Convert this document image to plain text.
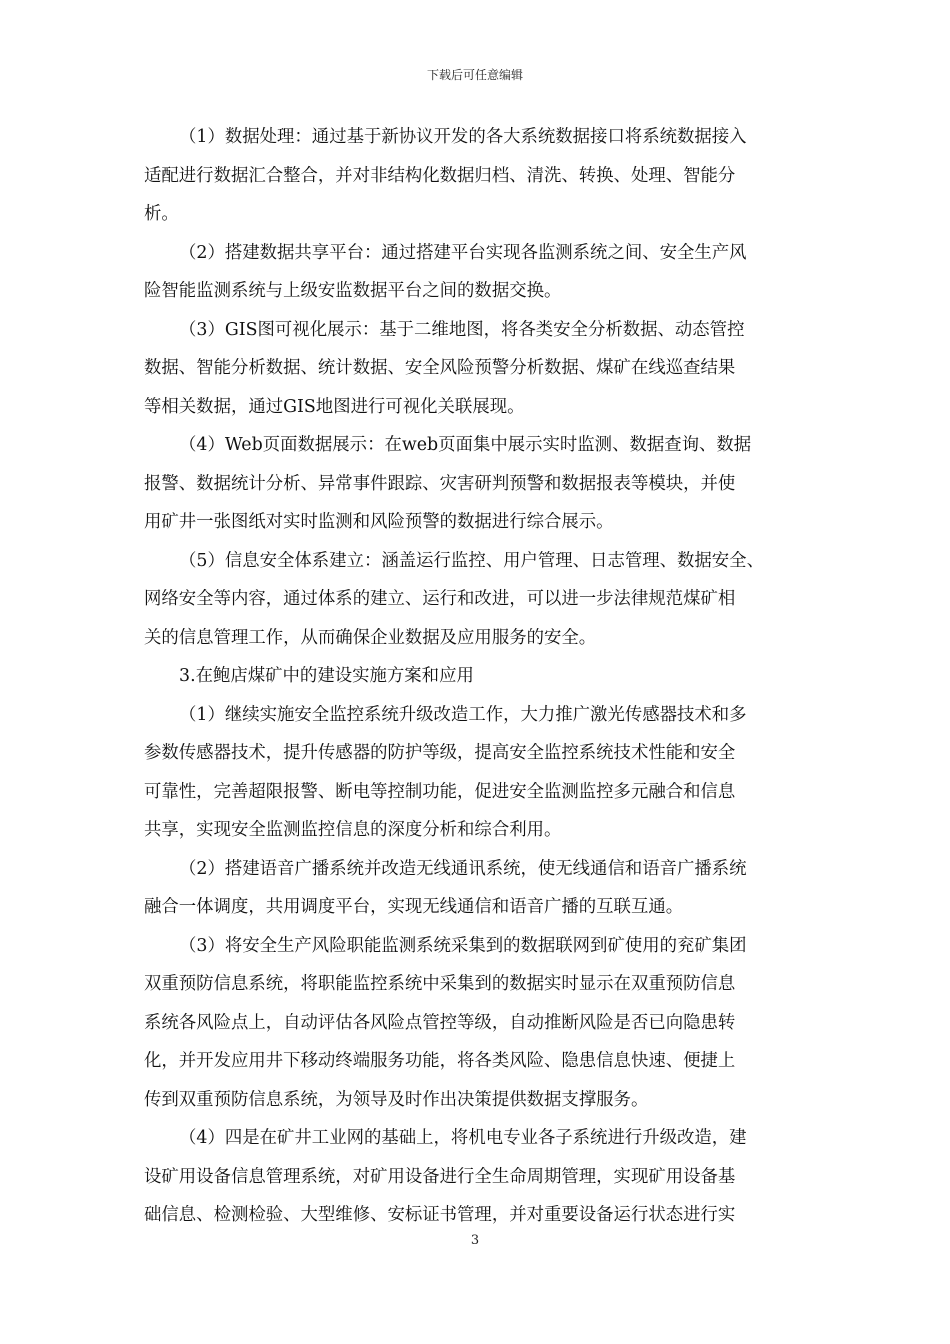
下载后可任意编辑
（1）数据处理：通过基于新协议开发的各大系统数据接口将系统数据接入
适配进行数据汇合整合，并对非结构化数据归档、清洗、转换、处理、智能分
析。
（2）搭建数据共享平台：通过搭建平台实现各监测系统之间、安全生产风
险智能监测系统与上级安监数据平台之间的数据交换。
（3）GIS图可视化展示：基于二维地图，将各类安全分析数据、动态管控
数据、智能分析数据、统计数据、安全风险预警分析数据、煤矿在线巡查结果
等相关数据，通过GIS地图进行可视化关联展现。
（4）Web页面数据展示：在web页面集中展示实时监测、数据查询、数据
报警、数据统计分析、异常事件跟踪、灾害研判预警和数据报表等模块，并使
用矿井一张图纸对实时监测和风险预警的数据进行综合展示。
（5）信息安全体系建立：涵盖运行监控、用户管理、日志管理、数据安全、
网络安全等内容，通过体系的建立、运行和改进，可以进一步法律规范煤矿相
关的信息管理工作，从而确保企业数据及应用服务的安全。
3.在鲍店煤矿中的建设实施方案和应用
（1）继续实施安全监控系统升级改造工作，大力推广激光传感器技术和多
参数传感器技术，提升传感器的防护等级，提高安全监控系统技术性能和安全
可靠性，完善超限报警、断电等控制功能，促进安全监测监控多元融合和信息
共享，实现安全监测监控信息的深度分析和综合利用。
（2）搭建语音广播系统并改造无线通讯系统，使无线通信和语音广播系统
融合一体调度，共用调度平台，实现无线通信和语音广播的互联互通。
（3）将安全生产风险职能监测系统采集到的数据联网到矿使用的兖矿集团
双重预防信息系统，将职能监控系统中采集到的数据实时显示在双重预防信息
系统各风险点上，自动评估各风险点管控等级，自动推断风险是否已向隐患转
化，并开发应用井下移动终端服务功能，将各类风险、隐患信息快速、便捷上
传到双重预防信息系统，为领导及时作出决策提供数据支撑服务。
（4）四是在矿井工业网的基础上，将机电专业各子系统进行升级改造，建
设矿用设备信息管理系统，对矿用设备进行全生命周期管理，实现矿用设备基
础信息、检测检验、大型维修、安标证书管理，并对重要设备运行状态进行实
3
